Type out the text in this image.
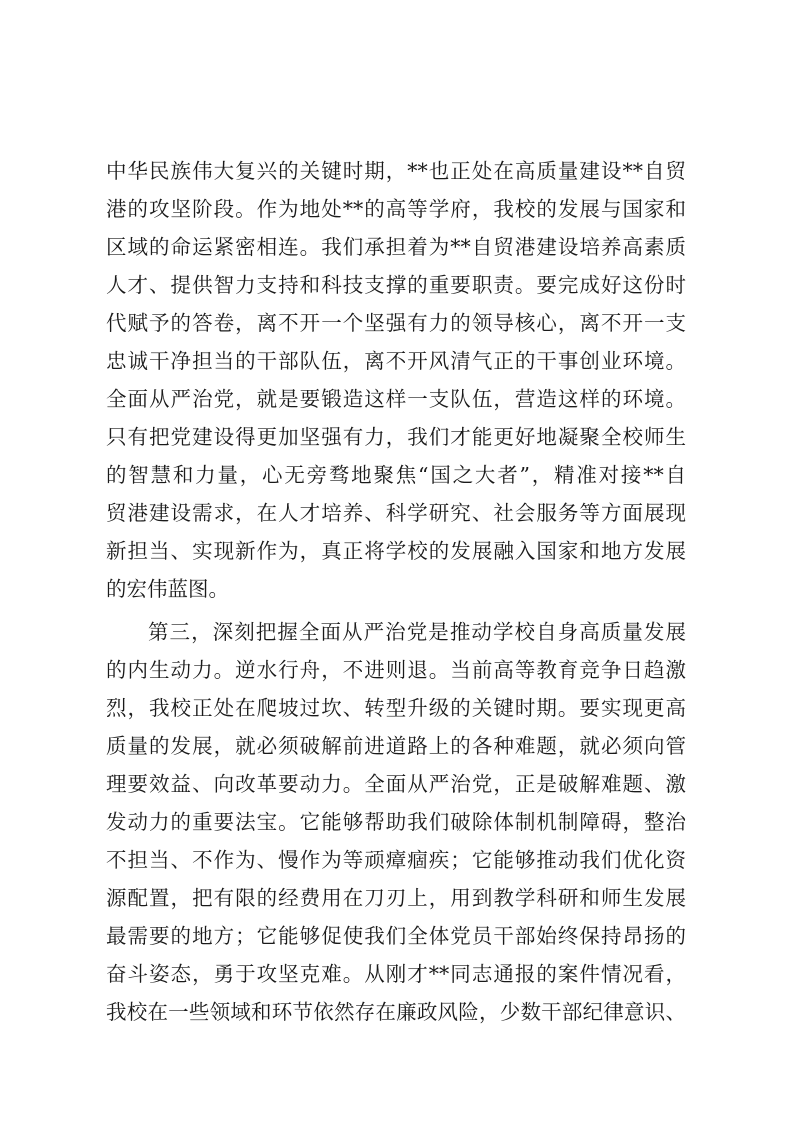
中华民族伟大复兴的关键时期，**也正处在高质量建设**自贸
港的攻坚阶段。作为地处**的高等学府，我校的发展与国家和
区域的命运紧密相连。我们承担着为**自贸港建设培养高素质
人才、提供智力支持和科技支撑的重要职责。要完成好这份时
代赋予的答卷，离不开一个坚强有力的领导核心，离不开一支
忠诚干净担当的干部队伍，离不开风清气正的干事创业环境。
全面从严治党，就是要锻造这样一支队伍，营造这样的环境。
只有把党建设得更加坚强有力，我们才能更好地凝聚全校师生
的智慧和力量，心无旁骛地聚焦“国之大者”，精准对接**自
贸港建设需求，在人才培养、科学研究、社会服务等方面展现
新担当、实现新作为，真正将学校的发展融入国家和地方发展
的宏伟蓝图。
第三，深刻把握全面从严治党是推动学校自身高质量发展
的内生动力。逆水行舟，不进则退。当前高等教育竞争日趋激
烈，我校正处在爬坡过坎、转型升级的关键时期。要实现更高
质量的发展，就必须破解前进道路上的各种难题，就必须向管
理要效益、向改革要动力。全面从严治党，正是破解难题、激
发动力的重要法宝。它能够帮助我们破除体制机制障碍，整治
不担当、不作为、慢作为等顽瘴痼疾；它能够推动我们优化资
源配置，把有限的经费用在刀刃上，用到教学科研和师生发展
最需要的地方；它能够促使我们全体党员干部始终保持昂扬的
奋斗姿态，勇于攻坚克难。从刚才**同志通报的案件情况看，
我校在一些领域和环节依然存在廉政风险，少数干部纪律意识、
